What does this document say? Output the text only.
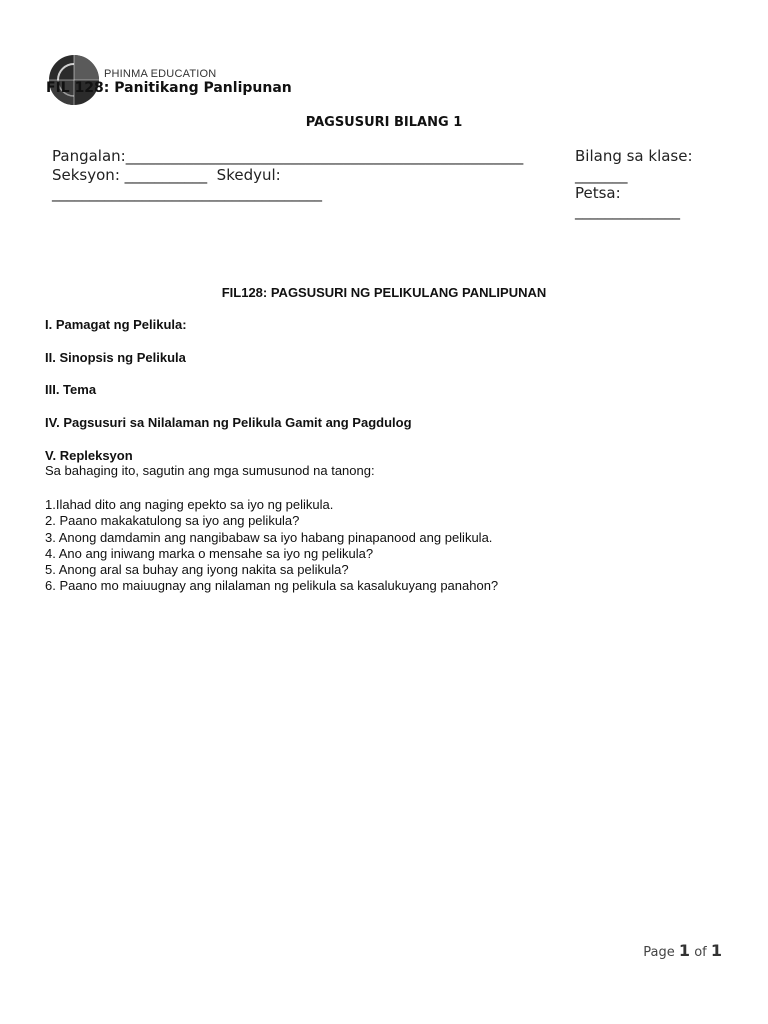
PHINMA EDUCATION
FIL 128: Panitikang Panlipunan
PAGSUSURI BILANG 1
Pangalan:_____________________________________________________
Seksyon: ___________  Skedyul:
____________________________________
Bilang sa klase:
_______
Petsa:
______________
FIL128: PAGSUSURI NG PELIKULANG PANLIPUNAN
I. Pamagat ng Pelikula:
II. Sinopsis ng Pelikula
III. Tema
IV. Pagsusuri sa Nilalaman ng Pelikula Gamit ang Pagdulog
V. Repleksyon
Sa bahaging ito, sagutin ang mga sumusunod na tanong:
1.Ilahad dito ang naging epekto sa iyo ng pelikula.
2. Paano makakatulong sa iyo ang pelikula?
3. Anong damdamin ang nangibabaw sa iyo habang pinapanood ang pelikula.
4. Ano ang iniwang marka o mensahe sa iyo ng pelikula?
5. Anong aral sa buhay ang iyong nakita sa pelikula?
6. Paano mo maiuugnay ang nilalaman ng pelikula sa kasalukuyang panahon?
Page 1 of 1
